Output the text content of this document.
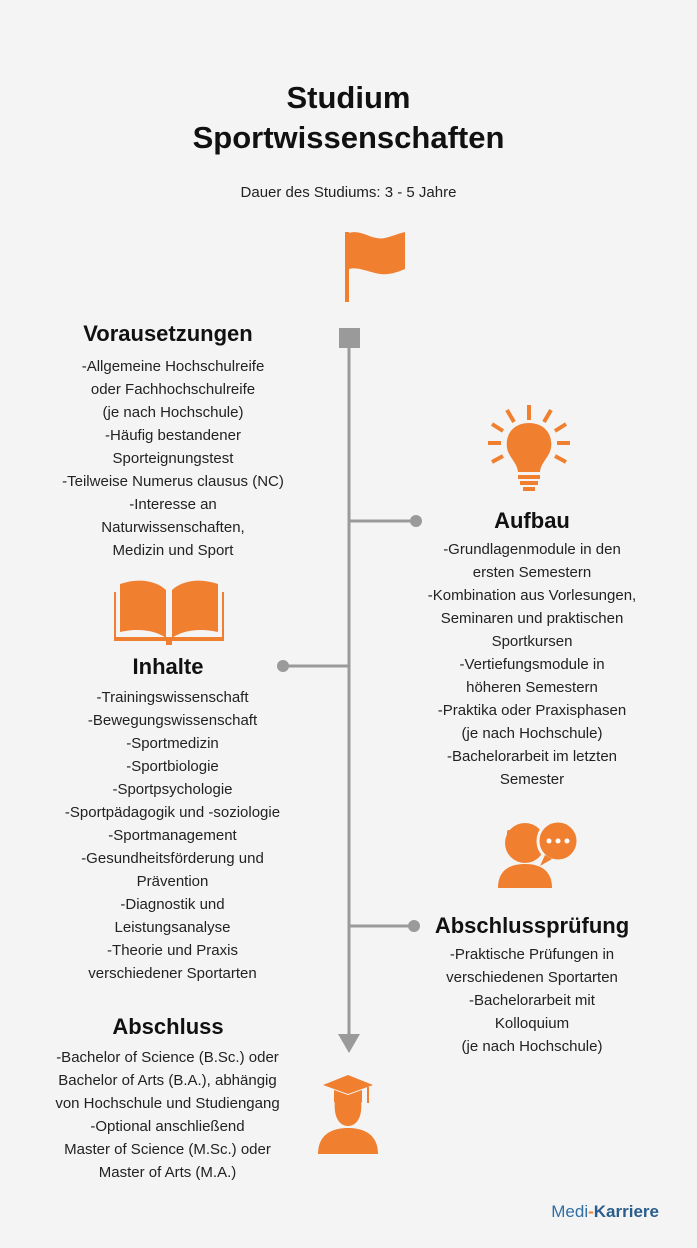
Studium
Sportwissenschaften
Dauer des Studiums: 3 - 5 Jahre
Vorausetzungen
-Allgemeine Hochschulreife
oder Fachhochschulreife
(je nach Hochschule)
-Häufig bestandener
Sporteignungstest
-Teilweise Numerus clausus (NC)
-Interesse an
Naturwissenschaften,
Medizin und Sport
Aufbau
-Grundlagenmodule in den
ersten Semestern
-Kombination aus Vorlesungen,
Seminaren und praktischen
Sportkursen
-Vertiefungsmodule in
höheren Semestern
-Praktika oder Praxisphasen
(je nach Hochschule)
-Bachelorarbeit im letzten
Semester
Inhalte
-Trainingswissenschaft
-Bewegungswissenschaft
-Sportmedizin
-Sportbiologie
-Sportpsychologie
-Sportpädagogik und -soziologie
-Sportmanagement
-Gesundheitsförderung und
Prävention
-Diagnostik und
Leistungsanalyse
-Theorie und Praxis
verschiedener Sportarten
Abschlussprüfung
-Praktische Prüfungen in
verschiedenen Sportarten
-Bachelorarbeit mit
Kolloquium
(je nach Hochschule)
Abschluss
-Bachelor of Science (B.Sc.) oder
Bachelor of Arts (B.A.), abhängig
von Hochschule und Studiengang
-Optional anschließend
Master of Science (M.Sc.) oder
Master of Arts (M.A.)
Medi-Karriere
